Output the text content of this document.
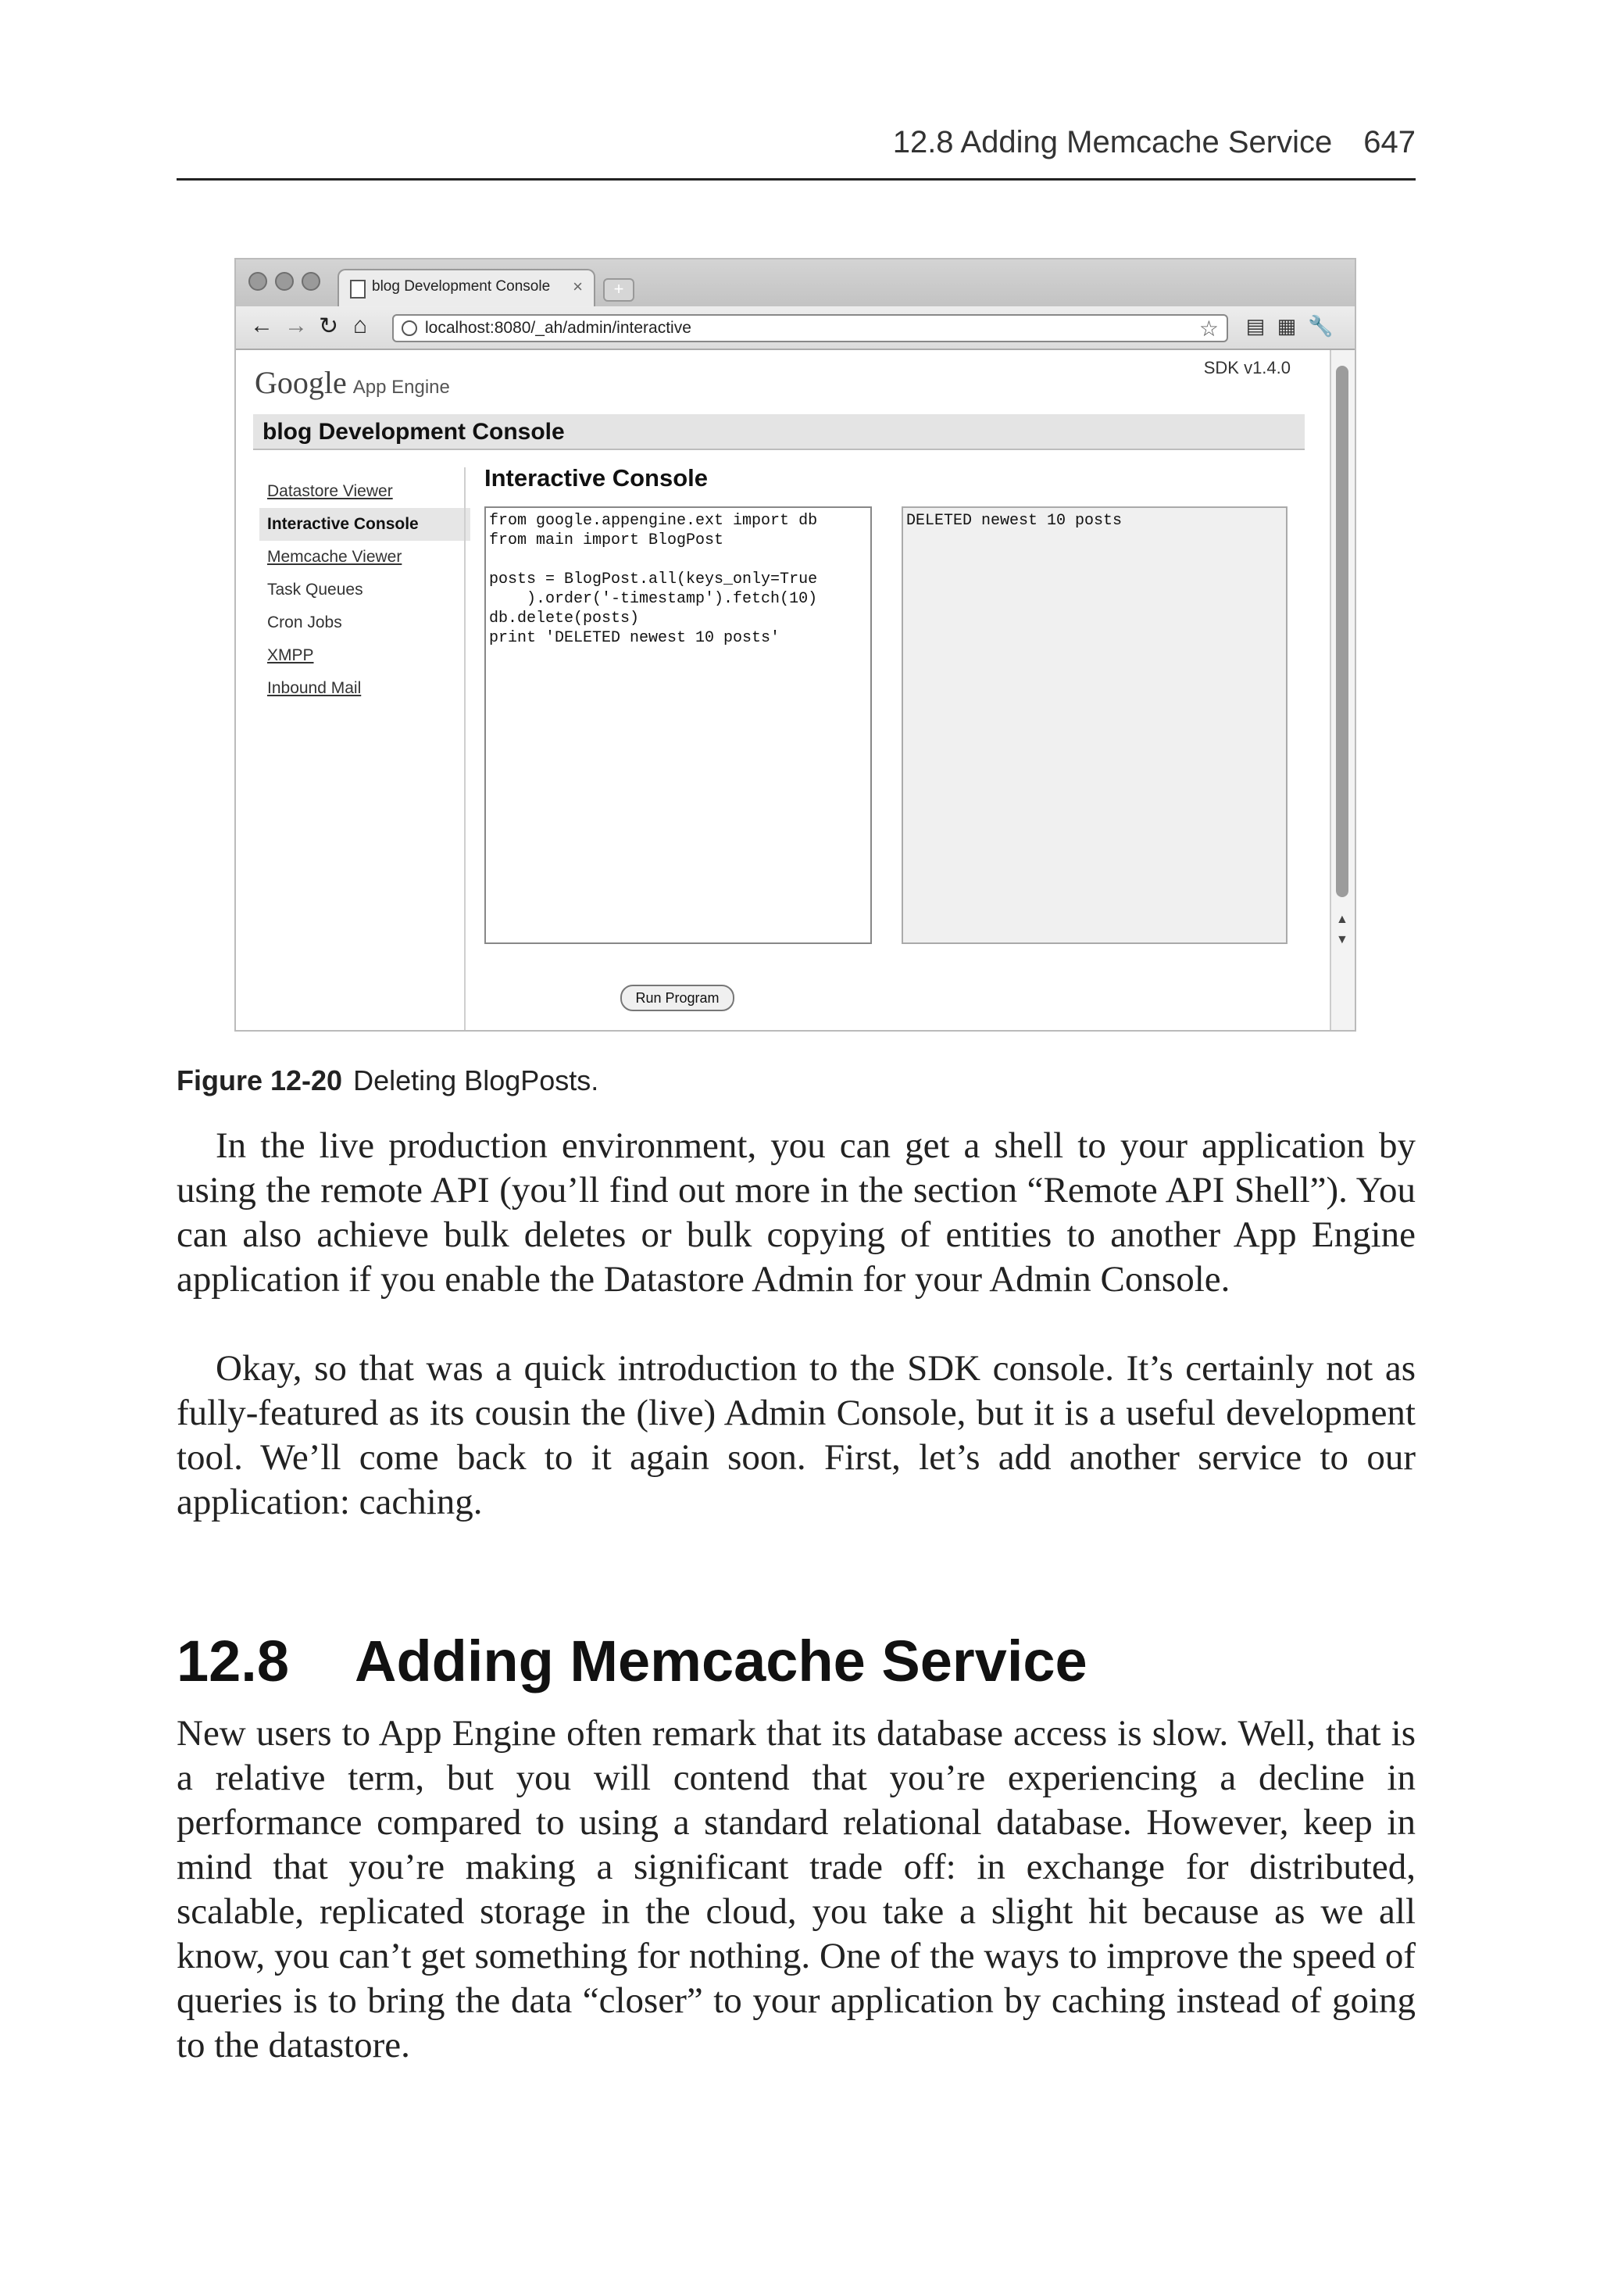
12.8 Adding Memcache Service 647
blog Development Console ×	+
← → ↻ ⌂	localhost:8080/_ah/admin/interactive	☆ ▤ ▦ 🔧
Google App Engine
SDK v1.4.0
blog Development Console
Datastore Viewer
Interactive Console
Memcache Viewer
Task Queues
Cron Jobs
XMPP
Inbound Mail
Interactive Console
from google.appengine.ext import db
from main import BlogPost

posts = BlogPost.all(keys_only=True
).order('-timestamp').fetch(10)
db.delete(posts)
print 'DELETED newest 10 posts'
DELETED newest 10 posts
Run Program
▲
▼
Figure 12-20 Deleting BlogPosts.

In the live production environment, you can get a shell to your application by using the remote API (you’ll find out more in the section “Remote API Shell”). You can also achieve bulk deletes or bulk copying of entities to another App Engine application if you enable the Datastore Admin for your Admin Console.

Okay, so that was a quick introduction to the SDK console. It’s certainly not as fully-featured as its cousin the (live) Admin Console, but it is a useful development tool. We’ll come back to it again soon. First, let’s add another service to our application: caching.

12.8 Adding Memcache Service

New users to App Engine often remark that its database access is slow. Well, that is a relative term, but you will contend that you’re experiencing a decline in performance compared to using a standard relational database. However, keep in mind that you’re making a significant trade off: in exchange for distributed, scalable, replicated storage in the cloud, you take a slight hit because as we all know, you can’t get something for nothing. One of the ways to improve the speed of queries is to bring the data “closer” to your application by caching instead of going to the datastore.
